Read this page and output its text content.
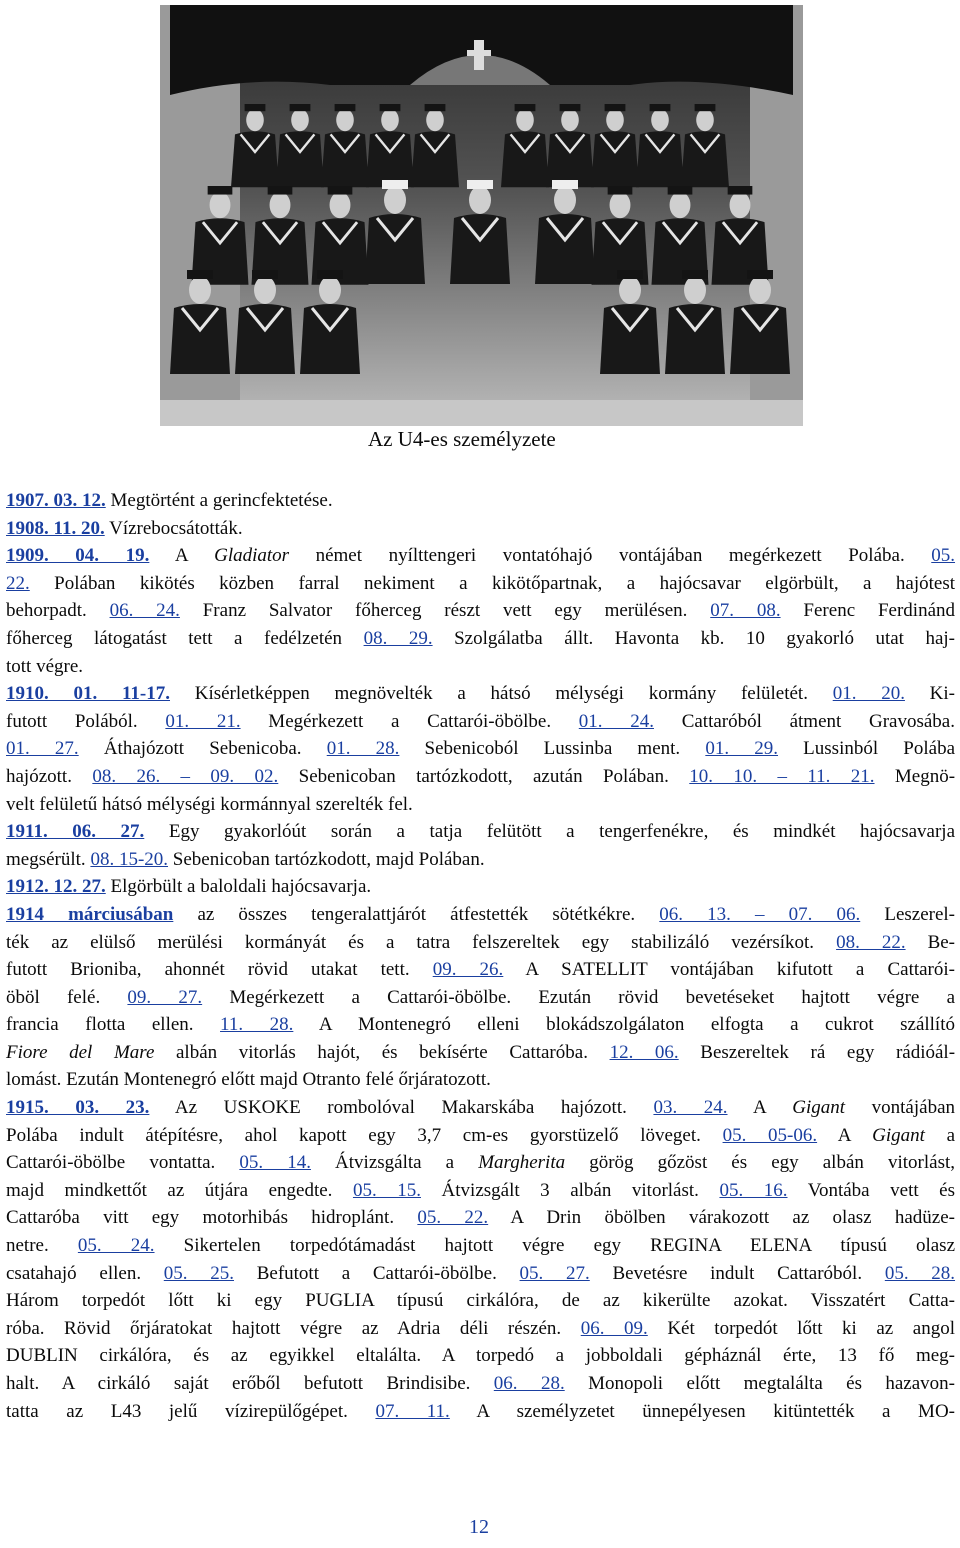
Az U4-es személyzete
1907. 03. 12. Megtörtént a gerincfektetése.
1908. 11. 20. Vízrebocsátották.
1909. 04. 19. A Gladiator német nyílttengeri vontatóhajó vontájában megérkezett Polába. 05.
22. Polában kikötés közben farral nekiment a kikötőpartnak, a hajócsavar elgörbült, a hajótest
behorpadt. 06. 24. Franz Salvator főherceg részt vett egy merülésen. 07. 08. Ferenc Ferdinánd
főherceg látogatást tett a fedélzetén 08. 29. Szolgálatba állt. Havonta kb. 10 gyakorló utat haj-
tott végre.
1910. 01. 11-17. Kísérletképpen megnövelték a hátsó mélységi kormány felületét. 01. 20. Ki-
futott Polából. 01. 21. Megérkezett a Cattarói-öbölbe. 01. 24. Cattaróból átment Gravosába.
01. 27. Áthajózott Sebenicoba. 01. 28. Sebenicoból Lussinba ment. 01. 29. Lussinból Polába
hajózott. 08. 26. – 09. 02. Sebenicoban tartózkodott, azután Polában. 10. 10. – 11. 21. Megnö-
velt felületű hátsó mélységi kormánnyal szerelték fel.
1911. 06. 27. Egy gyakorlóút során a tatja felütött a tengerfenékre, és mindkét hajócsavarja
megsérült. 08. 15-20. Sebenicoban tartózkodott, majd Polában.
1912. 12. 27. Elgörbült a baloldali hajócsavarja.
1914 márciusában az összes tengeralattjárót átfestették sötétkékre. 06. 13. – 07. 06. Leszerel-
ték az elülső merülési kormányát és a tatra felszereltek egy stabilizáló vezérsíkot. 08. 22. Be-
futott Brioniba, ahonnét rövid utakat tett. 09. 26. A SATELLIT vontájában kifutott a Cattarói-
öböl felé. 09. 27. Megérkezett a Cattarói-öbölbe. Ezután rövid bevetéseket hajtott végre a
francia flotta ellen. 11. 28. A Montenegró elleni blokádszolgálaton elfogta a cukrot szállító
Fiore del Mare albán vitorlás hajót, és bekísérte Cattaróba. 12. 06. Beszereltek rá egy rádióál-
lomást. Ezután Montenegró előtt majd Otranto felé őrjáratozott.
1915. 03. 23. Az USKOKE rombolóval Makarskába hajózott. 03. 24. A Gigant vontájában
Polába indult átépítésre, ahol kapott egy 3,7 cm-es gyorstüzelő löveget. 05. 05-06. A Gigant a
Cattarói-öbölbe vontatta. 05. 14. Átvizsgálta a Margherita görög gőzöst és egy albán vitorlást,
majd mindkettőt az útjára engedte. 05. 15. Átvizsgált 3 albán vitorlást. 05. 16. Vontába vett és
Cattaróba vitt egy motorhibás hidroplánt. 05. 22. A Drin öbölben várakozott az olasz hadüze-
netre. 05. 24. Sikertelen torpedótámadást hajtott végre egy REGINA ELENA típusú olasz
csatahajó ellen. 05. 25. Befutott a Cattarói-öbölbe. 05. 27. Bevetésre indult Cattaróból. 05. 28.
Három torpedót lőtt ki egy PUGLIA típusú cirkálóra, de az kikerülte azokat. Visszatért Catta-
róba. Rövid őrjáratokat hajtott végre az Adria déli részén. 06. 09. Két torpedót lőtt ki az angol
DUBLIN cirkálóra, és az egyikkel eltalálta. A torpedó a jobboldali gépháznál érte, 13 fő meg-
halt. A cirkáló saját erőből befutott Brindisibe. 06. 28. Monopoli előtt megtalálta és hazavon-
tatta az L43 jelű vízirepülőgépet. 07. 11. A személyzetet ünnepélyesen kitüntették a MO-
12
